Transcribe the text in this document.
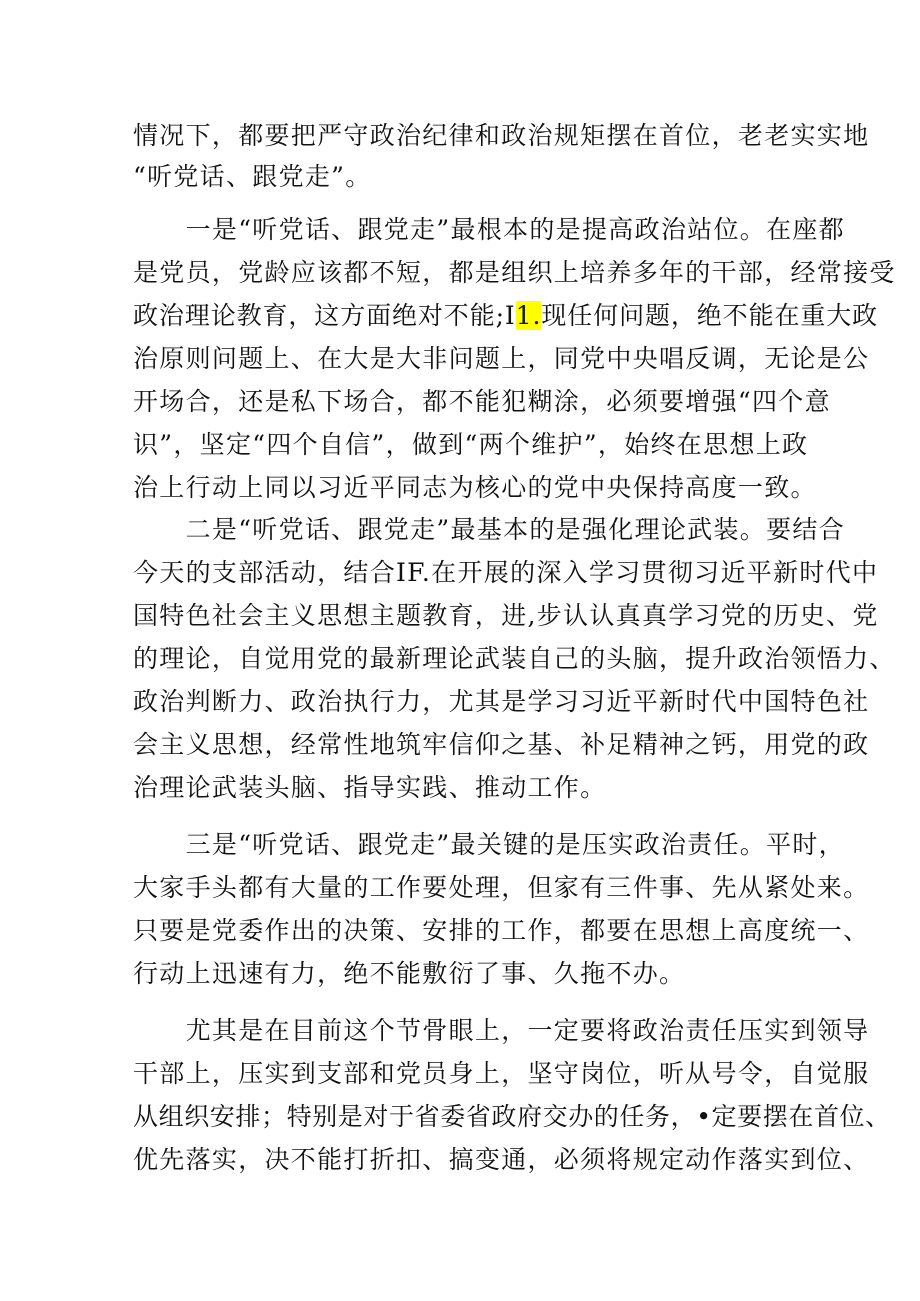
情况下，都要把严守政治纪律和政治规矩摆在首位，老老实实地
“听党话、跟党走”。
　　一是“听党话、跟党走”最根本的是提高政治站位。在座都
是党员，党龄应该都不短，都是组织上培养多年的干部，经常接受
政治理论教育，这方面绝对不能;I1.现任何问题，绝不能在重大政
治原则问题上、在大是大非问题上，同党中央唱反调，无论是公
开场合，还是私下场合，都不能犯糊涂，必须要增强“四个意
识”，坚定“四个自信”，做到“两个维护”，始终在思想上政
治上行动上同以习近平同志为核心的党中央保持高度一致。
　　二是“听党话、跟党走”最基本的是强化理论武装。要结合
今天的支部活动，结合IF.在开展的深入学习贯彻习近平新时代中
国特色社会主义思想主题教育，进,步认认真真学习党的历史、党
的理论，自觉用党的最新理论武装自己的头脑，提升政治领悟力、
政治判断力、政治执行力，尤其是学习习近平新时代中国特色社
会主义思想，经常性地筑牢信仰之基、补足精神之钙，用党的政
治理论武装头脑、指导实践、推动工作。
　　三是“听党话、跟党走”最关键的是压实政治责任。平时，
大家手头都有大量的工作要处理，但家有三件事、先从紧处来。
只要是党委作出的决策、安排的工作，都要在思想上高度统一、
行动上迅速有力，绝不能敷衍了事、久拖不办。
　　尤其是在目前这个节骨眼上，一定要将政治责任压实到领导
干部上，压实到支部和党员身上，坚守岗位，听从号令，自觉服
从组织安排；特别是对于省委省政府交办的任务，•定要摆在首位、
优先落实，决不能打折扣、搞变通，必须将规定动作落实到位、
